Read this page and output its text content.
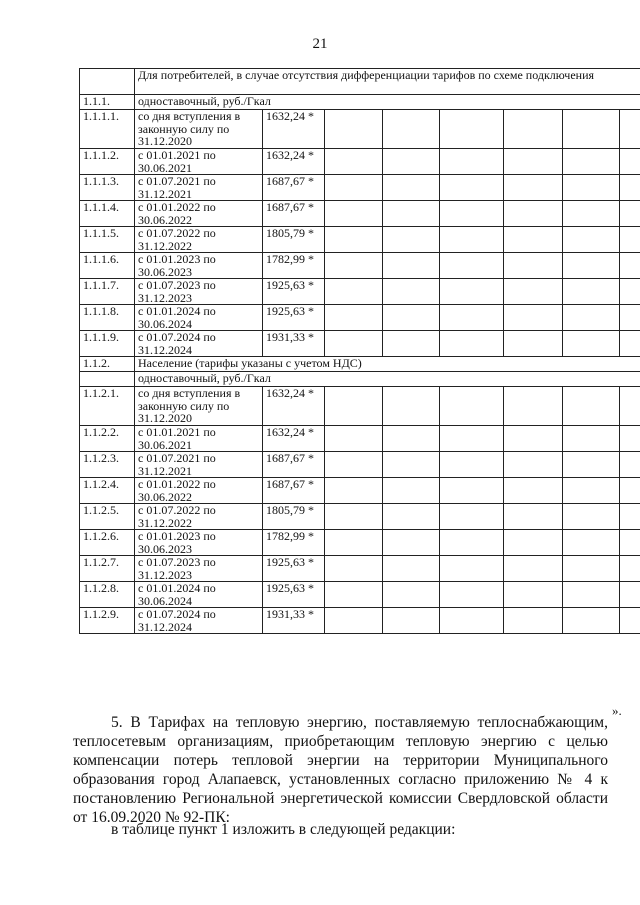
21
	Для потребителей, в случае отсутствия дифференциации тарифов по схеме подключения							
1.1.1.	одноставочный, руб./Гкал							
1.1.1.1.	со дня вступления в законную силу по 31.12.2020	1632,24 *						
1.1.1.2.	с 01.01.2021 по 30.06.2021	1632,24 *						
1.1.1.3.	с 01.07.2021 по 31.12.2021	1687,67 *						
1.1.1.4.	с 01.01.2022 по 30.06.2022	1687,67 *						
1.1.1.5.	с 01.07.2022 по 31.12.2022	1805,79 *						
1.1.1.6.	с 01.01.2023 по 30.06.2023	1782,99 *						
1.1.1.7.	с 01.07.2023 по 31.12.2023	1925,63 *						
1.1.1.8.	с 01.01.2024 по 30.06.2024	1925,63 *						
1.1.1.9.	с 01.07.2024 по 31.12.2024	1931,33 *						
1.1.2.	Население (тарифы указаны с учетом НДС)							
	одноставочный, руб./Гкал							
1.1.2.1.	со дня вступления в законную силу по 31.12.2020	1632,24 *						
1.1.2.2.	с 01.01.2021 по 30.06.2021	1632,24 *						
1.1.2.3.	с 01.07.2021 по 31.12.2021	1687,67 *						
1.1.2.4.	с 01.01.2022 по 30.06.2022	1687,67 *						
1.1.2.5.	с 01.07.2022 по 31.12.2022	1805,79 *						
1.1.2.6.	с 01.01.2023 по 30.06.2023	1782,99 *						
1.1.2.7.	с 01.07.2023 по 31.12.2023	1925,63 *						
1.1.2.8.	с 01.01.2024 по 30.06.2024	1925,63 *						
1.1.2.9.	с 01.07.2024 по 31.12.2024	1931,33 *						
».

5. В Тарифах на тепловую энергию, поставляемую теплоснабжающим, теплосетевым организациям, приобретающим тепловую энергию с целью компенсации потерь тепловой энергии на территории Муниципального образования город Алапаевск, установленных согласно приложению № 4 к постановлению Региональной энергетической комиссии Свердловской области от 16.09.2020 № 92-ПК:

в таблице пункт 1 изложить в следующей редакции:
